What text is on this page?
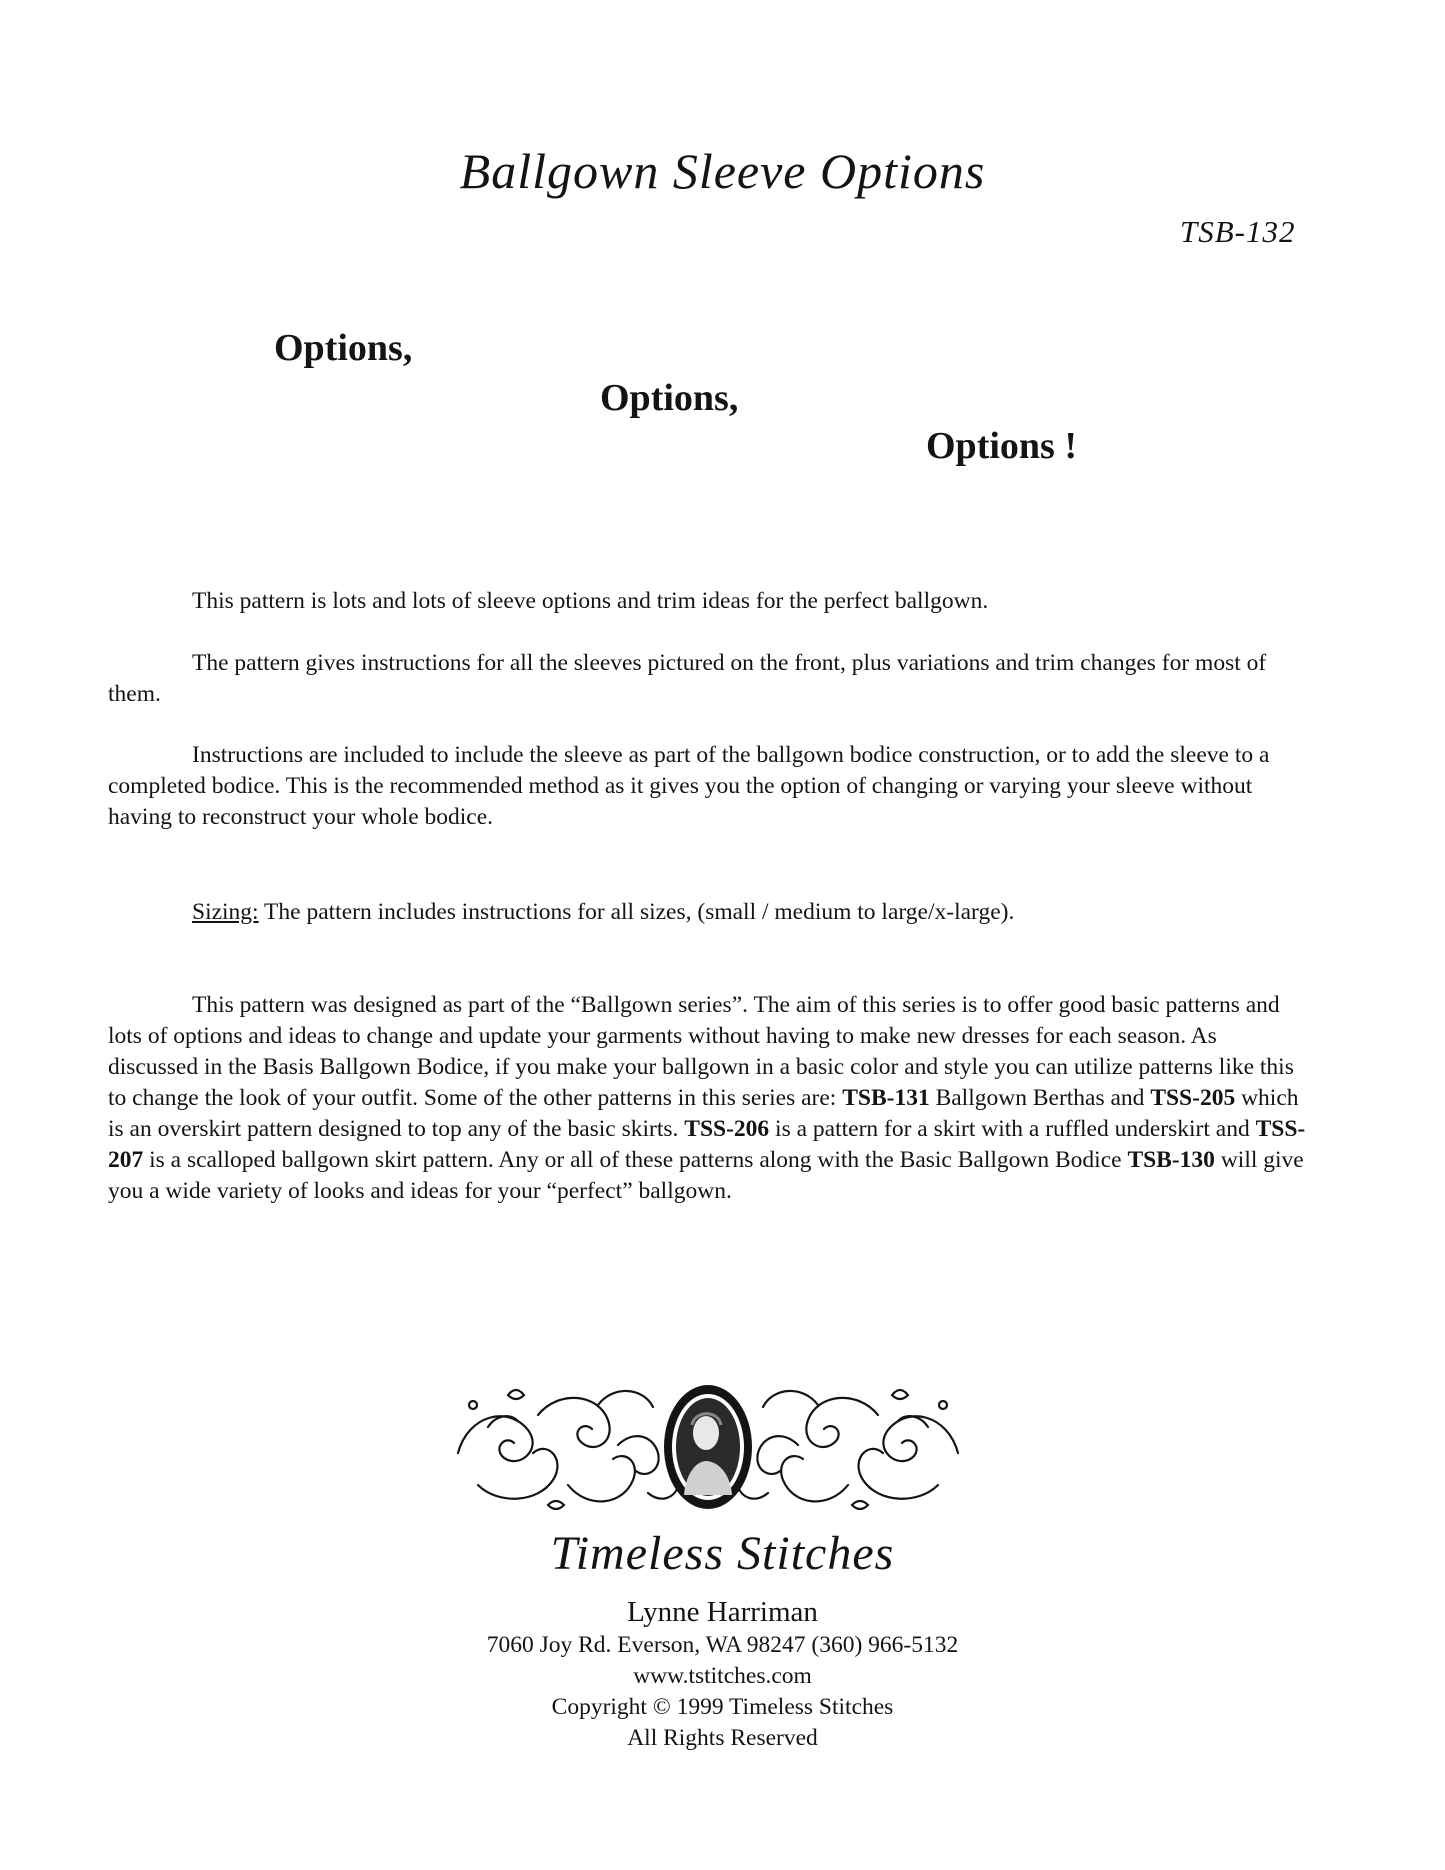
Ballgown Sleeve Options
TSB-132
Options,
Options,
Options !

This pattern is lots and lots of sleeve options and trim ideas for the perfect ballgown.

The pattern gives instructions for all the sleeves pictured on the front, plus variations and trim changes for most of them.

Instructions are included to include the sleeve as part of the ballgown bodice construction, or to add the sleeve to a completed bodice. This is the recommended method as it gives you the option of changing or varying your sleeve without having to reconstruct your whole bodice.

Sizing: The pattern includes instructions for all sizes, (small / medium to large/x-large).

This pattern was designed as part of the “Ballgown series”. The aim of this series is to offer good basic patterns and lots of options and ideas to change and update your garments without having to make new dresses for each season. As discussed in the Basis Ballgown Bodice, if you make your ballgown in a basic color and style you can utilize patterns like this to change the look of your outfit. Some of the other patterns in this series are: TSB-131 Ballgown Berthas and TSS-205 which is an overskirt pattern designed to top any of the basic skirts. TSS-206 is a pattern for a skirt with a ruffled underskirt and TSS-207 is a scalloped ballgown skirt pattern. Any or all of these patterns along with the Basic Ballgown Bodice TSB-130 will give you a wide variety of looks and ideas for your “perfect” ballgown.

Timeless Stitches
Lynne Harriman
7060 Joy Rd. Everson, WA 98247 (360) 966-5132
www.tstitches.com
Copyright © 1999 Timeless Stitches
All Rights Reserved
